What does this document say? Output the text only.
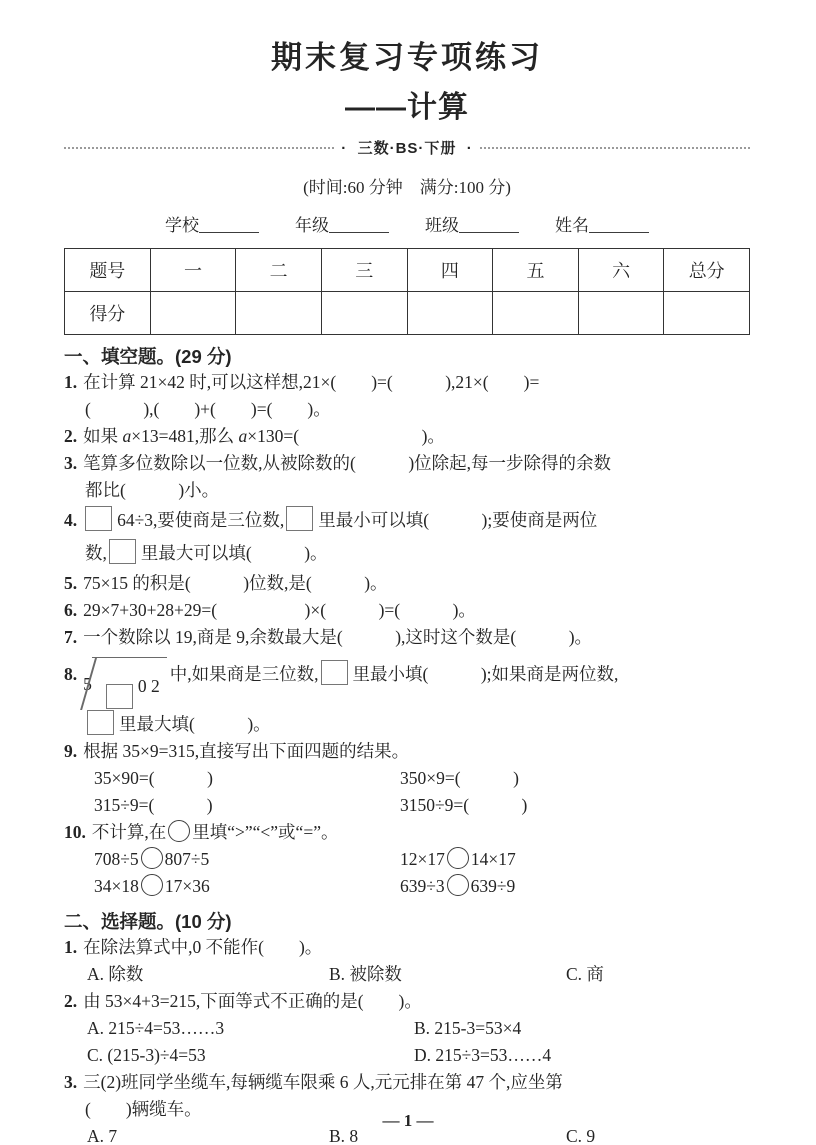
期末复习专项练习
——计算
·  三数·BS·下册  ·
(时间:60 分钟　满分:100 分)
学校	年级	班级	姓名
题号	一	二	三	四	五	六	总分
得分							
一、填空题。(29 分)
1. 在计算 21×42 时,可以这样想,21×(　　)=(　　　),21×(　　)=
(　　　),(　　)+(　　)=(　　)。
2. 如果 a×13=481,那么 a×130=(　　　　　　　)。
3. 笔算多位数除以一位数,从被除数的(　　　)位除起,每一步除得的余数
都比(　　　)小。
4. 64÷3,要使商是三位数, 里最小可以填(　　　);要使商是两位
数, 里最大可以填(　　　)。
5. 75×15 的积是(　　　)位数,是(　　　)。
6. 29×7+30+28+29=(　　　　　)×(　　　)=(　　　)。
7. 一个数除以 19,商是 9,余数最大是(　　　),这时这个数是(　　　)。
8. 5	0 2
中,如果商是三位数, 里最小填(　　　);如果商是两位数,
里最大填(　　　)。
9. 根据 35×9=315,直接写出下面四题的结果。
35×90=(　　　)	350×9=(　　　)
315÷9=(　　　)	3150÷9=(　　　)
10. 不计算,在 里填“>”“<”或“=”。
708÷5 807÷5	12×17 14×17
34×18 17×36	639÷3 639÷9
二、选择题。(10 分)
1. 在除法算式中,0 不能作(　　)。
A. 除数	B. 被除数	C. 商
2. 由 53×4+3=215,下面等式不正确的是(　　)。
A. 215÷4=53……3	B. 215-3=53×4
C. (215-3)÷4=53	D. 215÷3=53……4
3. 三(2)班同学坐缆车,每辆缆车限乘 6 人,元元排在第 47 个,应坐第
(　　)辆缆车。
A. 7	B. 8	C. 9
— 1 —
